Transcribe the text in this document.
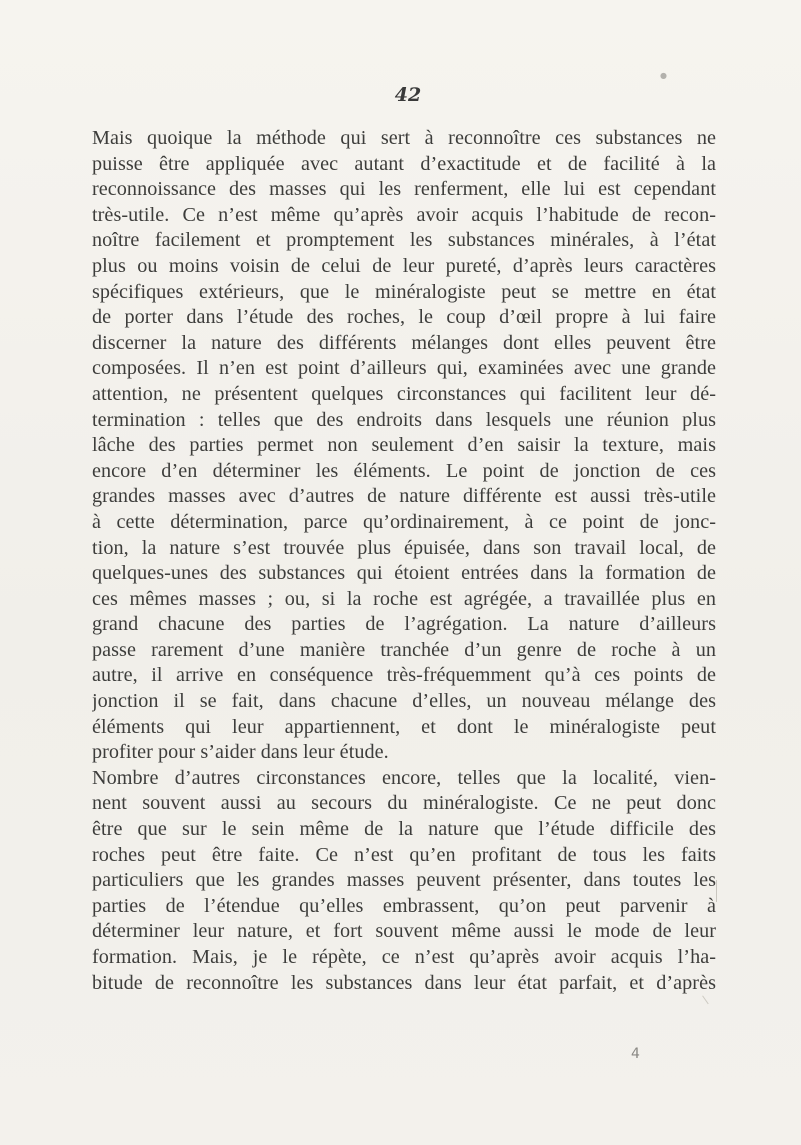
●
42
Mais quoique la méthode qui sert à reconnoître ces substances ne
puisse être appliquée avec autant d’exactitude et de facilité à la
reconnoissance des masses qui les renferment, elle lui est cependant
très-utile. Ce n’est même qu’après avoir acquis l’habitude de recon-
noître facilement et promptement les substances minérales, à l’état
plus ou moins voisin de celui de leur pureté, d’après leurs caractères
spécifiques extérieurs, que le minéralogiste peut se mettre en état
de porter dans l’étude des roches, le coup d’œil propre à lui faire
discerner la nature des différents mélanges dont elles peuvent être
composées. Il n’en est point d’ailleurs qui, examinées avec une grande
attention, ne présentent quelques circonstances qui facilitent leur dé-
termination : telles que des endroits dans lesquels une réunion plus
lâche des parties permet non seulement d’en saisir la texture, mais
encore d’en déterminer les éléments. Le point de jonction de ces
grandes masses avec d’autres de nature différente est aussi très-utile
à cette détermination, parce qu’ordinairement, à ce point de jonc-
tion, la nature s’est trouvée plus épuisée, dans son travail local, de
quelques-unes des substances qui étoient entrées dans la formation de
ces mêmes masses ; ou, si la roche est agrégée, a travaillée plus en
grand chacune des parties de l’agrégation. La nature d’ailleurs
passe rarement d’une manière tranchée d’un genre de roche à un
autre, il arrive en conséquence très-fréquemment qu’à ces points de
jonction il se fait, dans chacune d’elles, un nouveau mélange des
éléments qui leur appartiennent, et dont le minéralogiste peut
profiter pour s’aider dans leur étude.
Nombre d’autres circonstances encore, telles que la localité, vien-
nent souvent aussi au secours du minéralogiste. Ce ne peut donc
être que sur le sein même de la nature que l’étude difficile des
roches peut être faite. Ce n’est qu’en profitant de tous les faits
particuliers que les grandes masses peuvent présenter, dans toutes les
parties de l’étendue qu’elles embrassent, qu’on peut parvenir à
déterminer leur nature, et fort souvent même aussi le mode de leur
formation. Mais, je le répète, ce n’est qu’après avoir acquis l’ha-
bitude de reconnoître les substances dans leur état parfait, et d’après
4
